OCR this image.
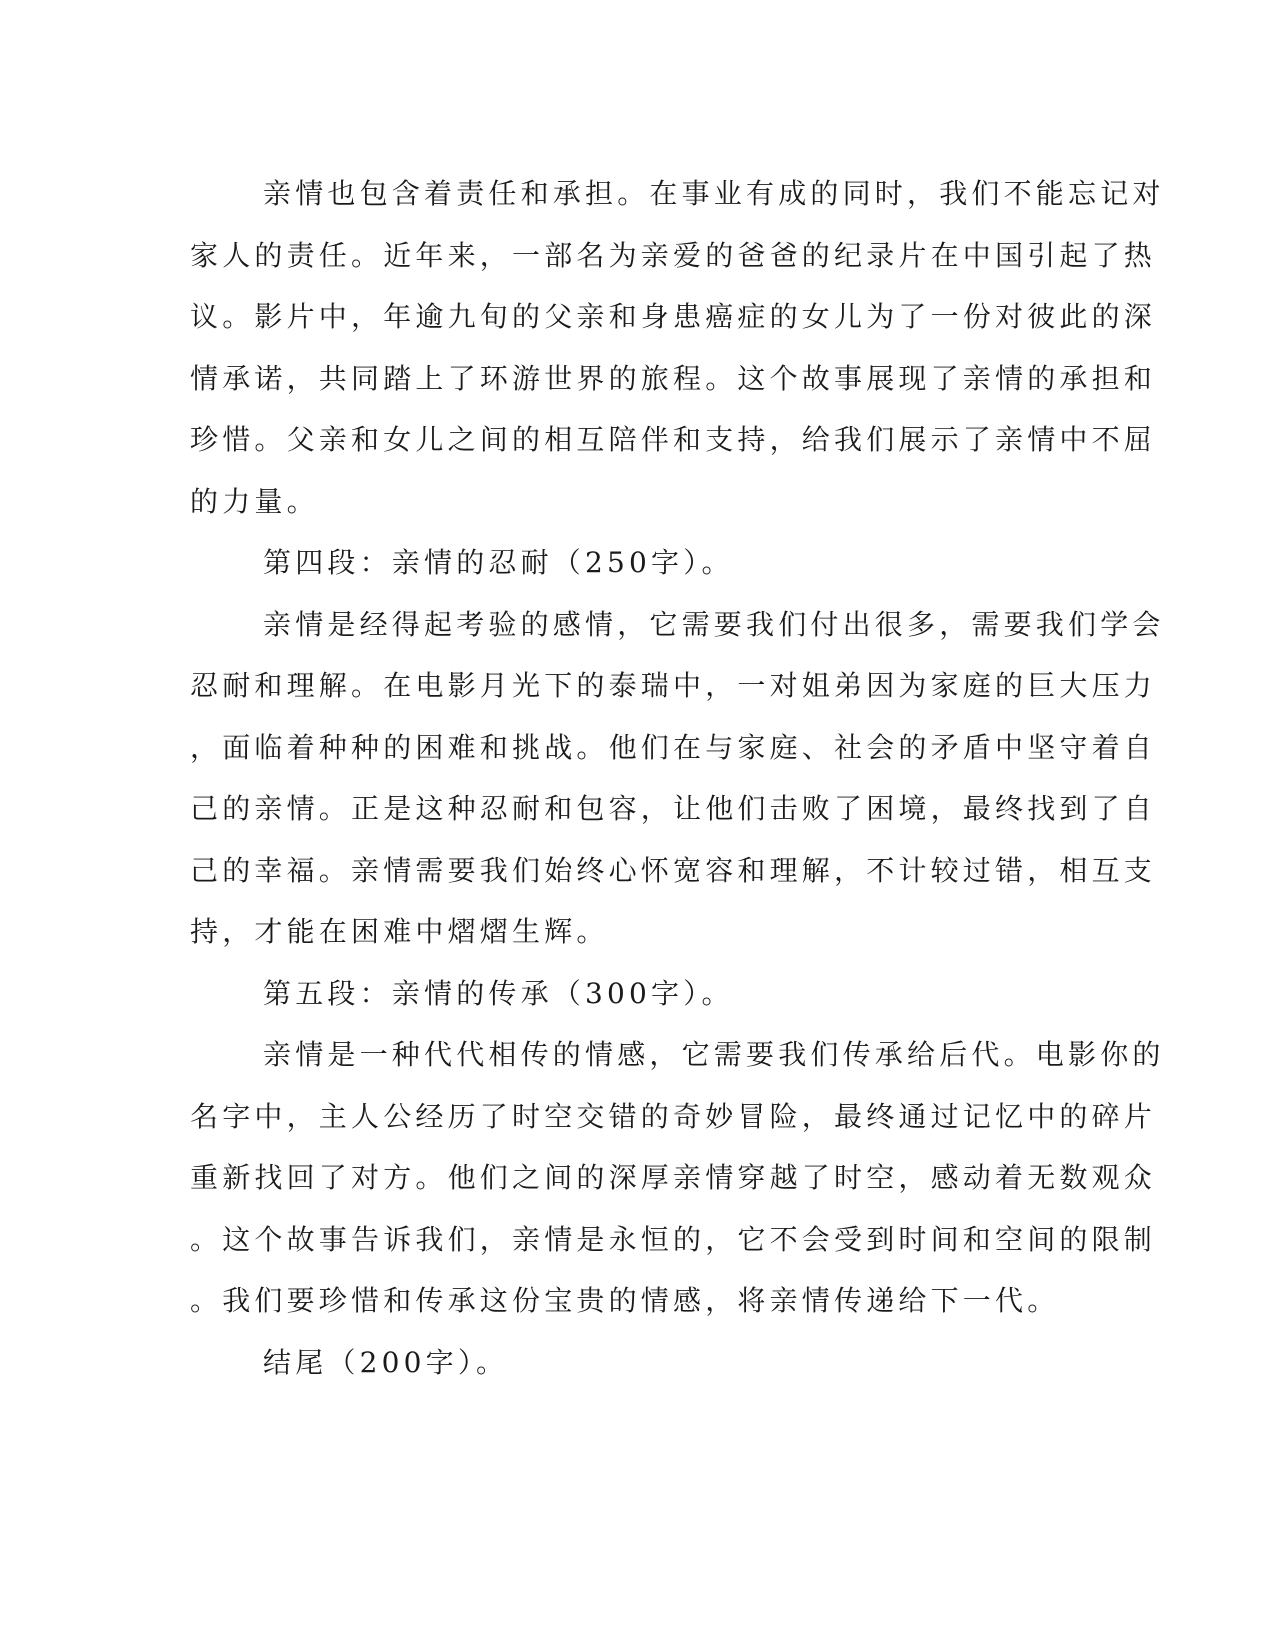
亲情也包含着责任和承担。在事业有成的同时，我们不能忘记对
家人的责任。近年来，一部名为亲爱的爸爸的纪录片在中国引起了热
议。影片中，年逾九旬的父亲和身患癌症的女儿为了一份对彼此的深
情承诺，共同踏上了环游世界的旅程。这个故事展现了亲情的承担和
珍惜。父亲和女儿之间的相互陪伴和支持，给我们展示了亲情中不屈
的力量。
第四段：亲情的忍耐（250字）。
亲情是经得起考验的感情，它需要我们付出很多，需要我们学会
忍耐和理解。在电影月光下的泰瑞中，一对姐弟因为家庭的巨大压力
，面临着种种的困难和挑战。他们在与家庭、社会的矛盾中坚守着自
己的亲情。正是这种忍耐和包容，让他们击败了困境，最终找到了自
己的幸福。亲情需要我们始终心怀宽容和理解，不计较过错，相互支
持，才能在困难中熠熠生辉。
第五段：亲情的传承（300字）。
亲情是一种代代相传的情感，它需要我们传承给后代。电影你的
名字中，主人公经历了时空交错的奇妙冒险，最终通过记忆中的碎片
重新找回了对方。他们之间的深厚亲情穿越了时空，感动着无数观众
。这个故事告诉我们，亲情是永恒的，它不会受到时间和空间的限制
。我们要珍惜和传承这份宝贵的情感，将亲情传递给下一代。
结尾（200字）。
